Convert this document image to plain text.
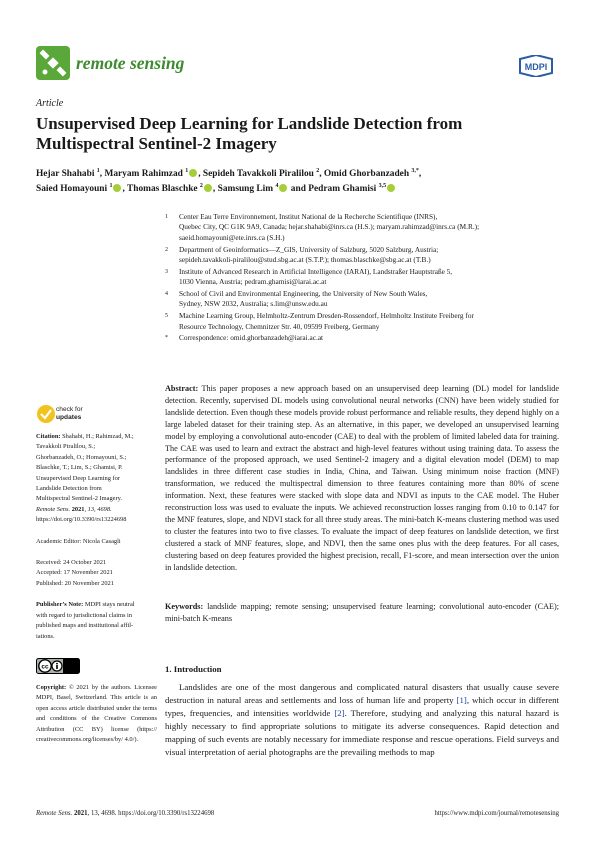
remote sensing	MDPI
Article
Unsupervised Deep Learning for Landslide Detection from Multispectral Sentinel-2 Imagery
Hejar Shahabi $^1$, Maryam Rahimzad $^1$ , Sepideh Tavakkoli Piralilou $^2$, Omid Ghorbanzadeh $^{3,*}$,
Saied Homayouni $^1$ , Thomas Blaschke $^2$ , Samsung Lim $^4$ and Pedram Ghamisi $^{3,5}$
1	Center Eau Terre Environnement, Institut National de la Recherche Scientifique (INRS),
Quebec City, QC G1K 9A9, Canada; hejar.shahabi@inrs.ca (H.S.); maryam.rahimzad@inrs.ca (M.R.);
saeid.homayouni@ete.inrs.ca (S.H.)
2	Department of Geoinformatics—Z_GIS, University of Salzburg, 5020 Salzburg, Austria;
sepideh.tavakkoli-piralilou@stud.sbg.ac.at (S.T.P.); thomas.blaschke@sbg.ac.at (T.B.)
3	Institute of Advanced Research in Artificial Intelligence (IARAI), Landstraßer Hauptstraße 5,
1030 Vienna, Austria; pedram.ghamisi@iarai.ac.at
4	School of Civil and Environmental Engineering, the University of New South Wales,
Sydney, NSW 2032, Australia; s.lim@unsw.edu.au
5	Machine Learning Group, Helmholtz-Zentrum Dresden-Rossendorf, Helmholtz Institute Freiberg for
Resource Technology, Chemnitzer Str. 40, 09599 Freiberg, Germany
*	Correspondence: omid.ghorbanzadeh@iarai.ac.at

Abstract: This paper proposes a new approach based on an unsupervised deep learning (DL) model for landslide detection. Recently, supervised DL models using convolutional neural networks (CNN) have been widely studied for landslide detection. Even though these models provide robust performance and reliable results, they depend highly on a large labeled dataset for their training step. As an alternative, in this paper, we developed an unsupervised learning model by employing a convolutional auto-encoder (CAE) to deal with the problem of limited labeled data for training. The CAE was used to learn and extract the abstract and high-level features without using training data. To assess the performance of the proposed approach, we used Sentinel-2 imagery and a digital elevation model (DEM) to map landslides in three different case studies in India, China, and Taiwan. Using minimum noise fraction (MNF) transformation, we reduced the multispectral dimension to three features containing more than 80% of scene information. Next, these features were stacked with slope data and NDVI as inputs to the CAE model. The Huber reconstruction loss was used to evaluate the inputs. We achieved reconstruction losses ranging from 0.10 to 0.147 for the MNF features, slope, and NDVI stack for all three study areas. The mini-batch K-means clustering method was used to cluster the features into two to five classes. To evaluate the impact of deep features on landslide detection, we first clustered a stack of MNF features, slope, and NDVI, then the same ones plus with the deep features. For all cases, clustering based on deep features provided the highest precision, recall, F1-score, and mean intersection over the union in landslide detection.

Keywords: landslide mapping; remote sensing; unsupervised feature learning; convolutional auto-encoder (CAE); mini-batch K-means

check for
updates
Citation: Shahabi, H.; Rahimzad, M.;
Tavakkoli Piralilou, S.;
Ghorbanzadeh, O.; Homayouni, S.;
Blaschke, T.; Lim, S.; Ghamisi, P.
Unsupervised Deep Learning for
Landslide Detection from
Multispectral Sentinel-2 Imagery.
Remote Sens. 2021, 13, 4698.
https://doi.org/10.3390/rs13224698

Academic Editor: Nicola Casagli

Received: 24 October 2021

Accepted: 17 November 2021

Published: 20 November 2021

Publisher’s Note: MDPI stays neutral
with regard to jurisdictional claims in
published maps and institutional affil-
iations.
cc

Copyright: © 2021 by the authors. Licensee MDPI, Basel, Switzerland. This article is an open access article distributed under the terms and conditions of the Creative Commons Attribution (CC BY) license (https:// creativecommons.org/licenses/by/ 4.0/).

1. Introduction

Landslides are one of the most dangerous and complicated natural disasters that usually cause severe destruction in natural areas and settlements and loss of human life and property [1], which occur in different types, frequencies, and intensities worldwide [2]. Therefore, studying and analyzing this natural hazard is highly necessary to find appropriate solutions to mitigate its adverse consequences. Rapid detection and mapping of such events are notably necessary for immediate response and rescue operations. Field surveys and visual interpretation of aerial photographs are the prevailing methods to map

Remote Sens. 2021, 13, 4698. https://doi.org/10.3390/rs13224698	https://www.mdpi.com/journal/remotesensing
